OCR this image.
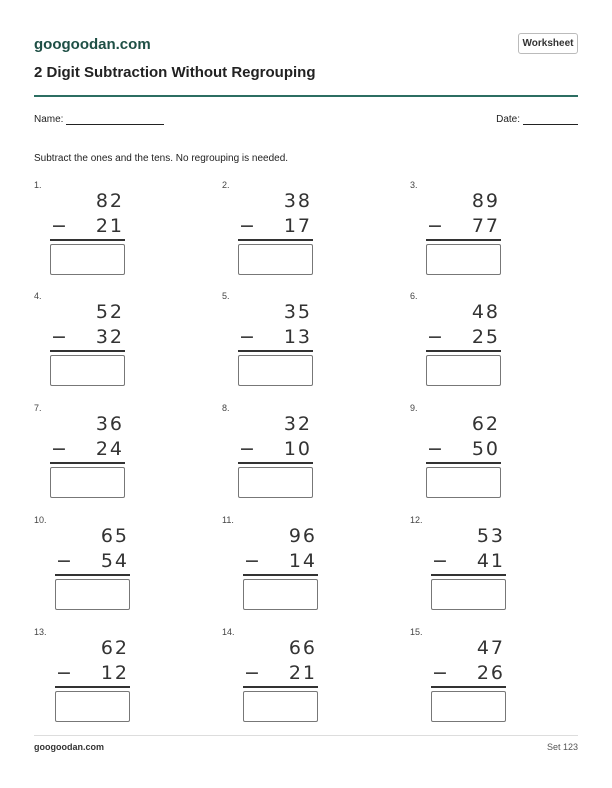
googoodan.com	Worksheet
2 Digit Subtraction Without Regrouping
Name:	Date:
Subtract the ones and the tens. No regrouping is needed.
1.
82
− 21
2.
38
− 17
3.
89
− 77
4.
52
− 32
5.
35
− 13
6.
48
− 25
7.
36
− 24
8.
32
− 10
9.
62
− 50
10.
65
− 54
11.
96
− 14
12.
53
− 41
13.
62
− 12
14.
66
− 21
15.
47
− 26
googoodan.com	Set 123
